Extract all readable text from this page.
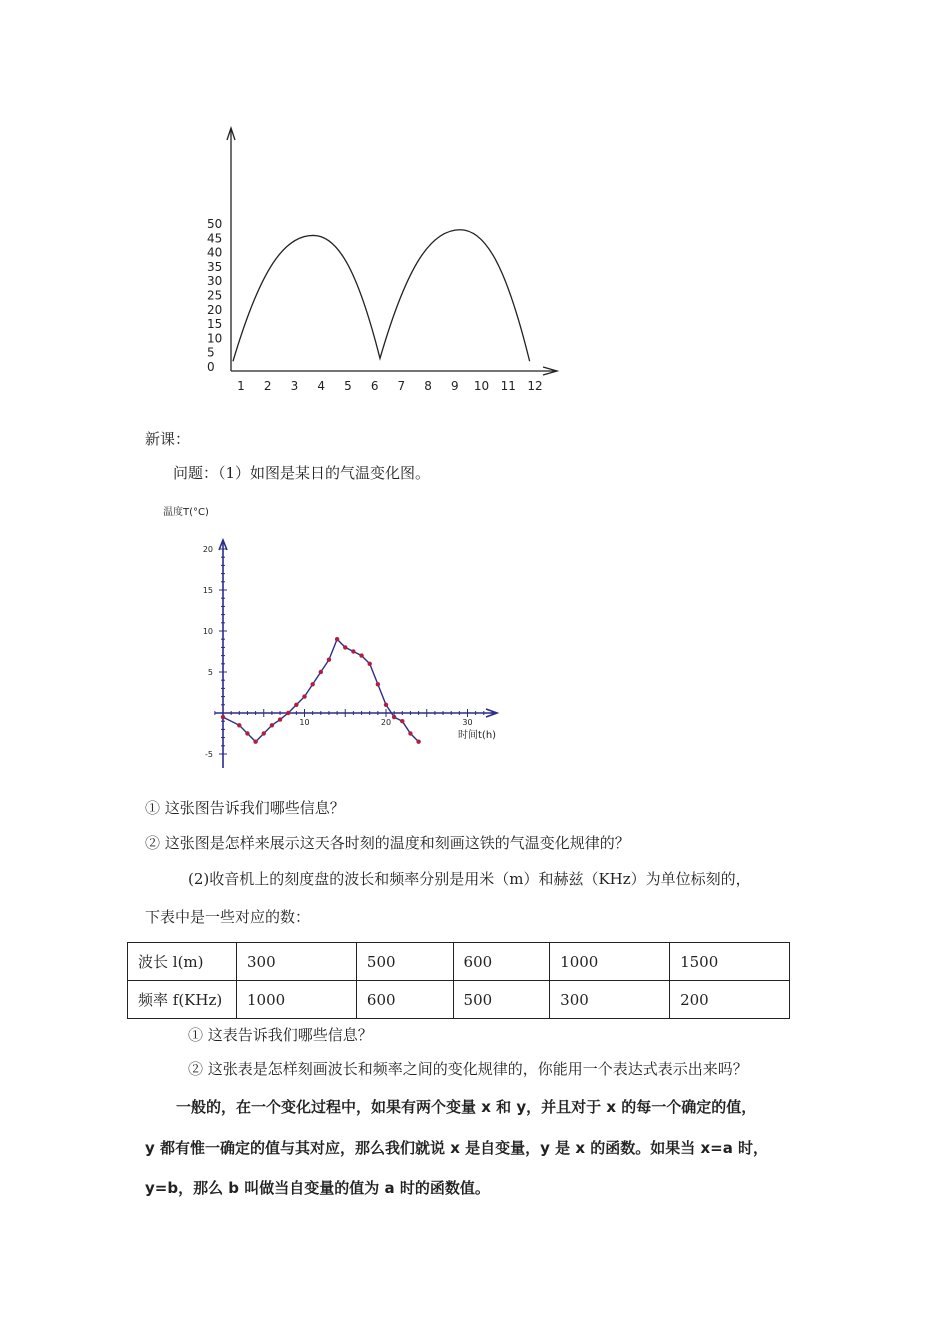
50
45
40
35
30
25
20
15
10
5
0
1 2 3 4 5 6 7 8 9 10 11 12
新课：
问题：（1）如图是某日的气温变化图。
温度T(°C)
20
15
10
5
-5
10	20	30
时间t(h)
① 这张图告诉我们哪些信息？
② 这张图是怎样来展示这天各时刻的温度和刻画这铁的气温变化规律的？
(2)收音机上的刻度盘的波长和频率分别是用米（m）和赫兹（KHz）为单位标刻的，
下表中是一些对应的数：
波长 l(m)	300	500	600	1000	1500
频率 f(KHz)	1000	600	500	300	200
① 这表告诉我们哪些信息？
② 这张表是怎样刻画波长和频率之间的变化规律的，你能用一个表达式表示出来吗？
一般的，在一个变化过程中，如果有两个变量 x 和 y，并且对于 x 的每一个确定的值，
y 都有惟一确定的值与其对应，那么我们就说 x 是自变量，y 是 x 的函数。如果当 x=a 时，
y=b，那么 b 叫做当自变量的值为 a 时的函数值。
